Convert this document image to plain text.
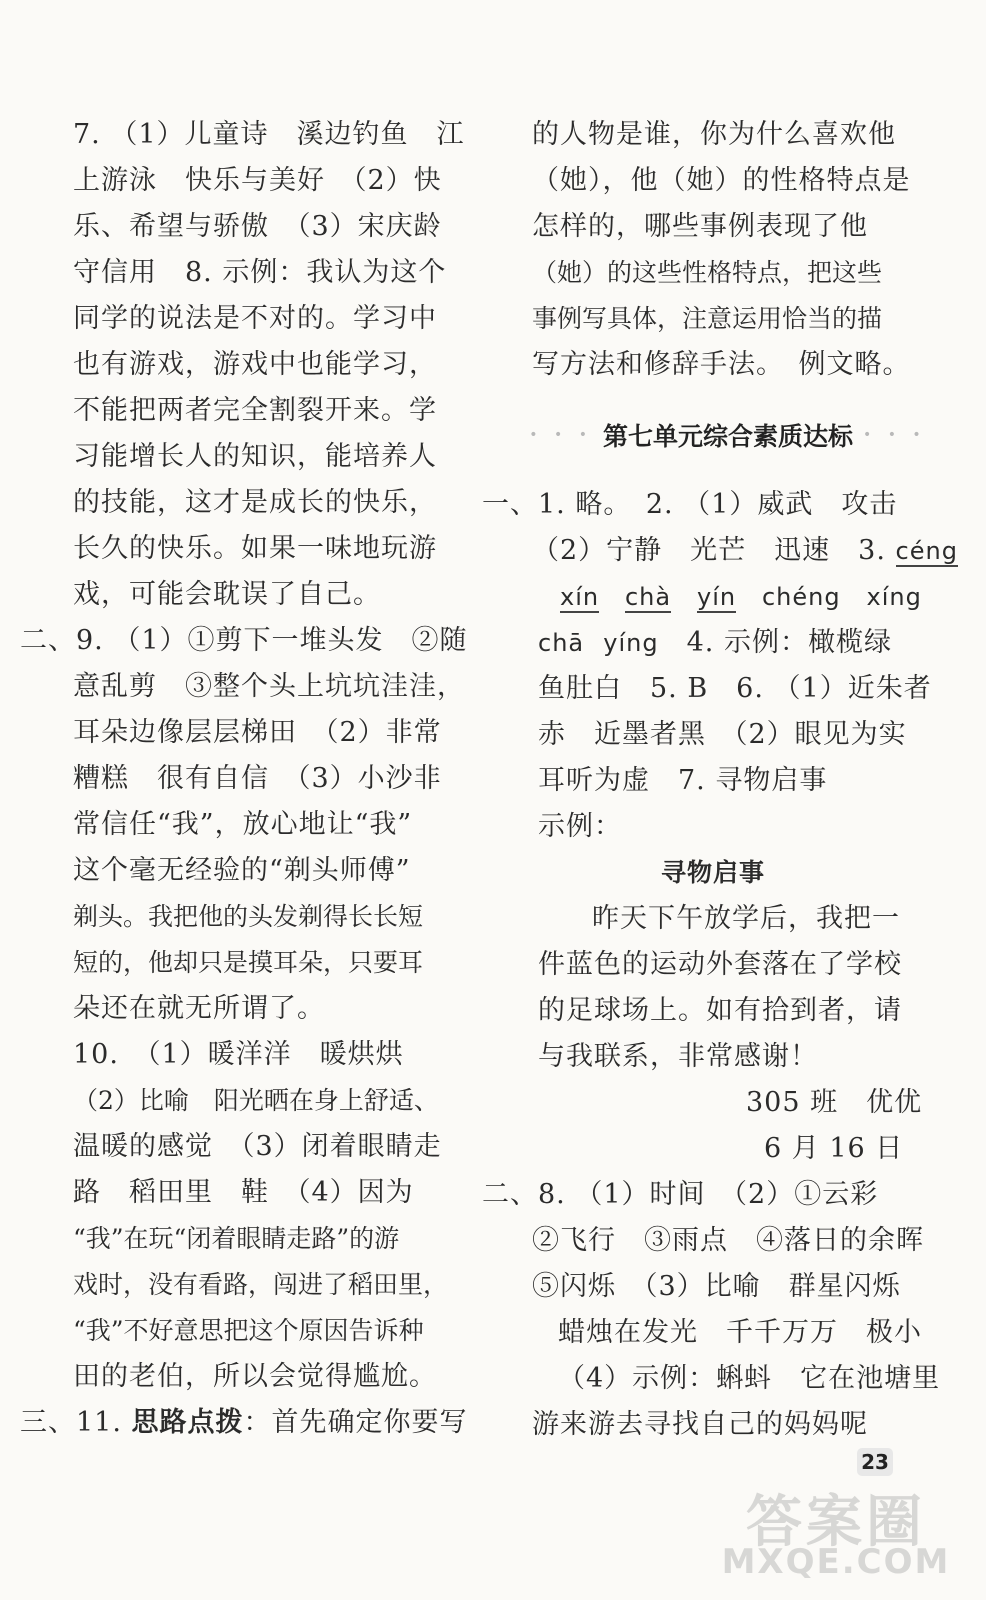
7. （1）儿童诗　溪边钓鱼　江
上游泳　快乐与美好　（2）快
乐、希望与骄傲　（3）宋庆龄
守信用　8. 示例：我认为这个
同学的说法是不对的。学习中
也有游戏，游戏中也能学习，
不能把两者完全割裂开来。学
习能增长人的知识，能培养人
的技能，这才是成长的快乐，
长久的快乐。如果一味地玩游
戏，可能会耽误了自己。
二、9. （1）①剪下一堆头发　②随
意乱剪　③整个头上坑坑洼洼，
耳朵边像层层梯田　（2）非常
糟糕　很有自信　（3）小沙非
常信任“我”，放心地让“我”
这个毫无经验的“剃头师傅”
剃头。我把他的头发剃得长长短
短的，他却只是摸耳朵，只要耳
朵还在就无所谓了。
10.　（1）暖洋洋　暖烘烘
（2）比喻　阳光晒在身上舒适、
温暖的感觉　（3）闭着眼睛走
路　稻田里　鞋　（4）因为
“我”在玩“闭着眼睛走路”的游
戏时，没有看路，闯进了稻田里，
“我”不好意思把这个原因告诉种
田的老伯，所以会觉得尴尬。
三、11. 思路点拨：首先确定你要写
的人物是谁，你为什么喜欢他
（她），他（她）的性格特点是
怎样的，哪些事例表现了他
（她）的这些性格特点，把这些
事例写具体，注意运用恰当的描
写方法和修辞手法。　例文略。
• • • 第七单元综合素质达标 • • •
一、1. 略。　2. （1）威武　攻击
（2）宁静　光芒　迅速　3. céng
xín chà yín chéng xíng
chā yíng　4. 示例：橄榄绿
鱼肚白　5. B　6. （1）近朱者
赤　近墨者黑　（2）眼见为实
耳听为虚　7. 寻物启事
示例：
寻物启事
昨天下午放学后，我把一
件蓝色的运动外套落在了学校
的足球场上。如有拾到者，请
与我联系，非常感谢！
305 班　优优
6 月 16 日
二、8. （1）时间　（2）①云彩
②飞行　③雨点　④落日的余晖
⑤闪烁　（3）比喻　群星闪烁
蜡烛在发光　千千万万　极小
（4）示例：蝌蚪　它在池塘里
游来游去寻找自己的妈妈呢
23
答案圈
MXQE.COM
